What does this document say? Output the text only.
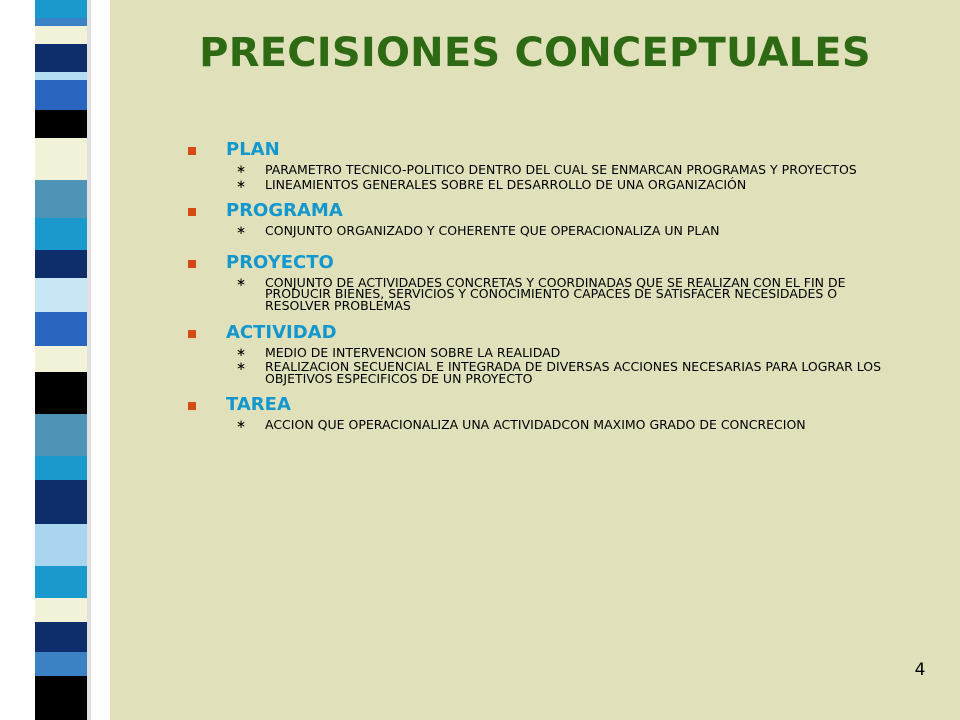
PRECISIONES CONCEPTUALES
PLAN
∗ PARAMETRO TECNICO-POLITICO DENTRO DEL CUAL SE ENMARCAN PROGRAMAS Y PROYECTOS
∗ LINEAMIENTOS GENERALES SOBRE EL DESARROLLO DE UNA ORGANIZACIÓN
PROGRAMA
∗ CONJUNTO ORGANIZADO Y COHERENTE QUE OPERACIONALIZA UN PLAN
PROYECTO
∗ CONJUNTO DE ACTIVIDADES CONCRETAS Y COORDINADAS QUE SE REALIZAN CON EL FIN DE PRODUCIR BIENES, SERVICIOS Y CONOCIMIENTO CAPACES DE SATISFACER NECESIDADES O RESOLVER PROBLEMAS
ACTIVIDAD
∗ MEDIO DE INTERVENCION SOBRE LA REALIDAD
∗ REALIZACION SECUENCIAL E INTEGRADA DE DIVERSAS ACCIONES NECESARIAS PARA LOGRAR LOS OBJETIVOS ESPECIFICOS DE UN PROYECTO
TAREA
∗ ACCION QUE OPERACIONALIZA UNA ACTIVIDADCON MAXIMO GRADO DE CONCRECION
4
